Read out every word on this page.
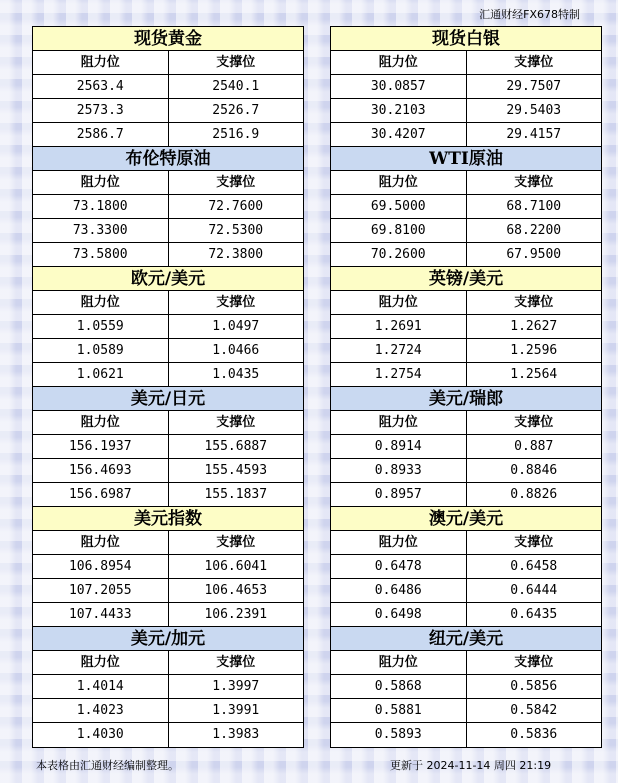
汇通财经FX678特制
现货黄金
阻力位	支撑位
2563.4	2540.1
2573.3	2526.7
2586.7	2516.9
布伦特原油
阻力位	支撑位
73.1800	72.7600
73.3300	72.5300
73.5800	72.3800
欧元/美元
阻力位	支撑位
1.0559	1.0497
1.0589	1.0466
1.0621	1.0435
美元/日元
阻力位	支撑位
156.1937	155.6887
156.4693	155.4593
156.6987	155.1837
美元指数
阻力位	支撑位
106.8954	106.6041
107.2055	106.4653
107.4433	106.2391
美元/加元
阻力位	支撑位
1.4014	1.3997
1.4023	1.3991
1.4030	1.3983
现货白银
阻力位	支撑位
30.0857	29.7507
30.2103	29.5403
30.4207	29.4157
WTI原油
阻力位	支撑位
69.5000	68.7100
69.8100	68.2200
70.2600	67.9500
英镑/美元
阻力位	支撑位
1.2691	1.2627
1.2724	1.2596
1.2754	1.2564
美元/瑞郎
阻力位	支撑位
0.8914	0.887
0.8933	0.8846
0.8957	0.8826
澳元/美元
阻力位	支撑位
0.6478	0.6458
0.6486	0.6444
0.6498	0.6435
纽元/美元
阻力位	支撑位
0.5868	0.5856
0.5881	0.5842
0.5893	0.5836
本表格由汇通财经编制整理。	更新于 2024-11-14 周四 21:19
